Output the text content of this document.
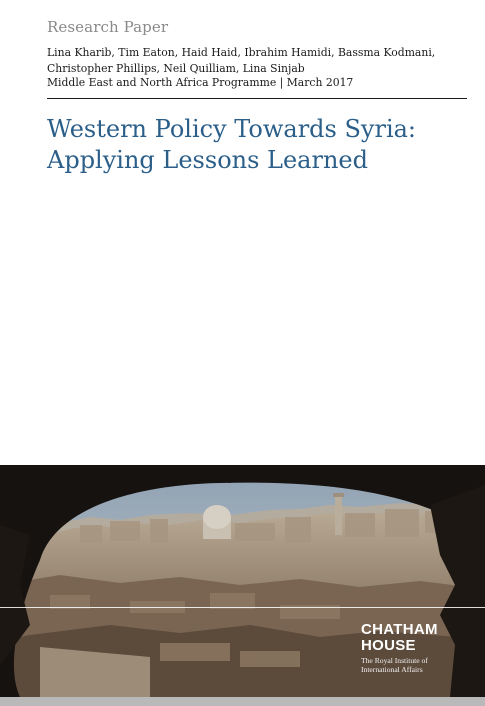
Research Paper
Lina Kharib, Tim Eaton, Haid Haid, Ibrahim Hamidi, Bassma Kodmani,
Christopher Phillips, Neil Quilliam, Lina Sinjab
Middle East and North Africa Programme | March 2017
Western Policy Towards Syria:
Applying Lessons Learned
CHATHAM
HOUSE
The Royal Institute of
International Affairs
